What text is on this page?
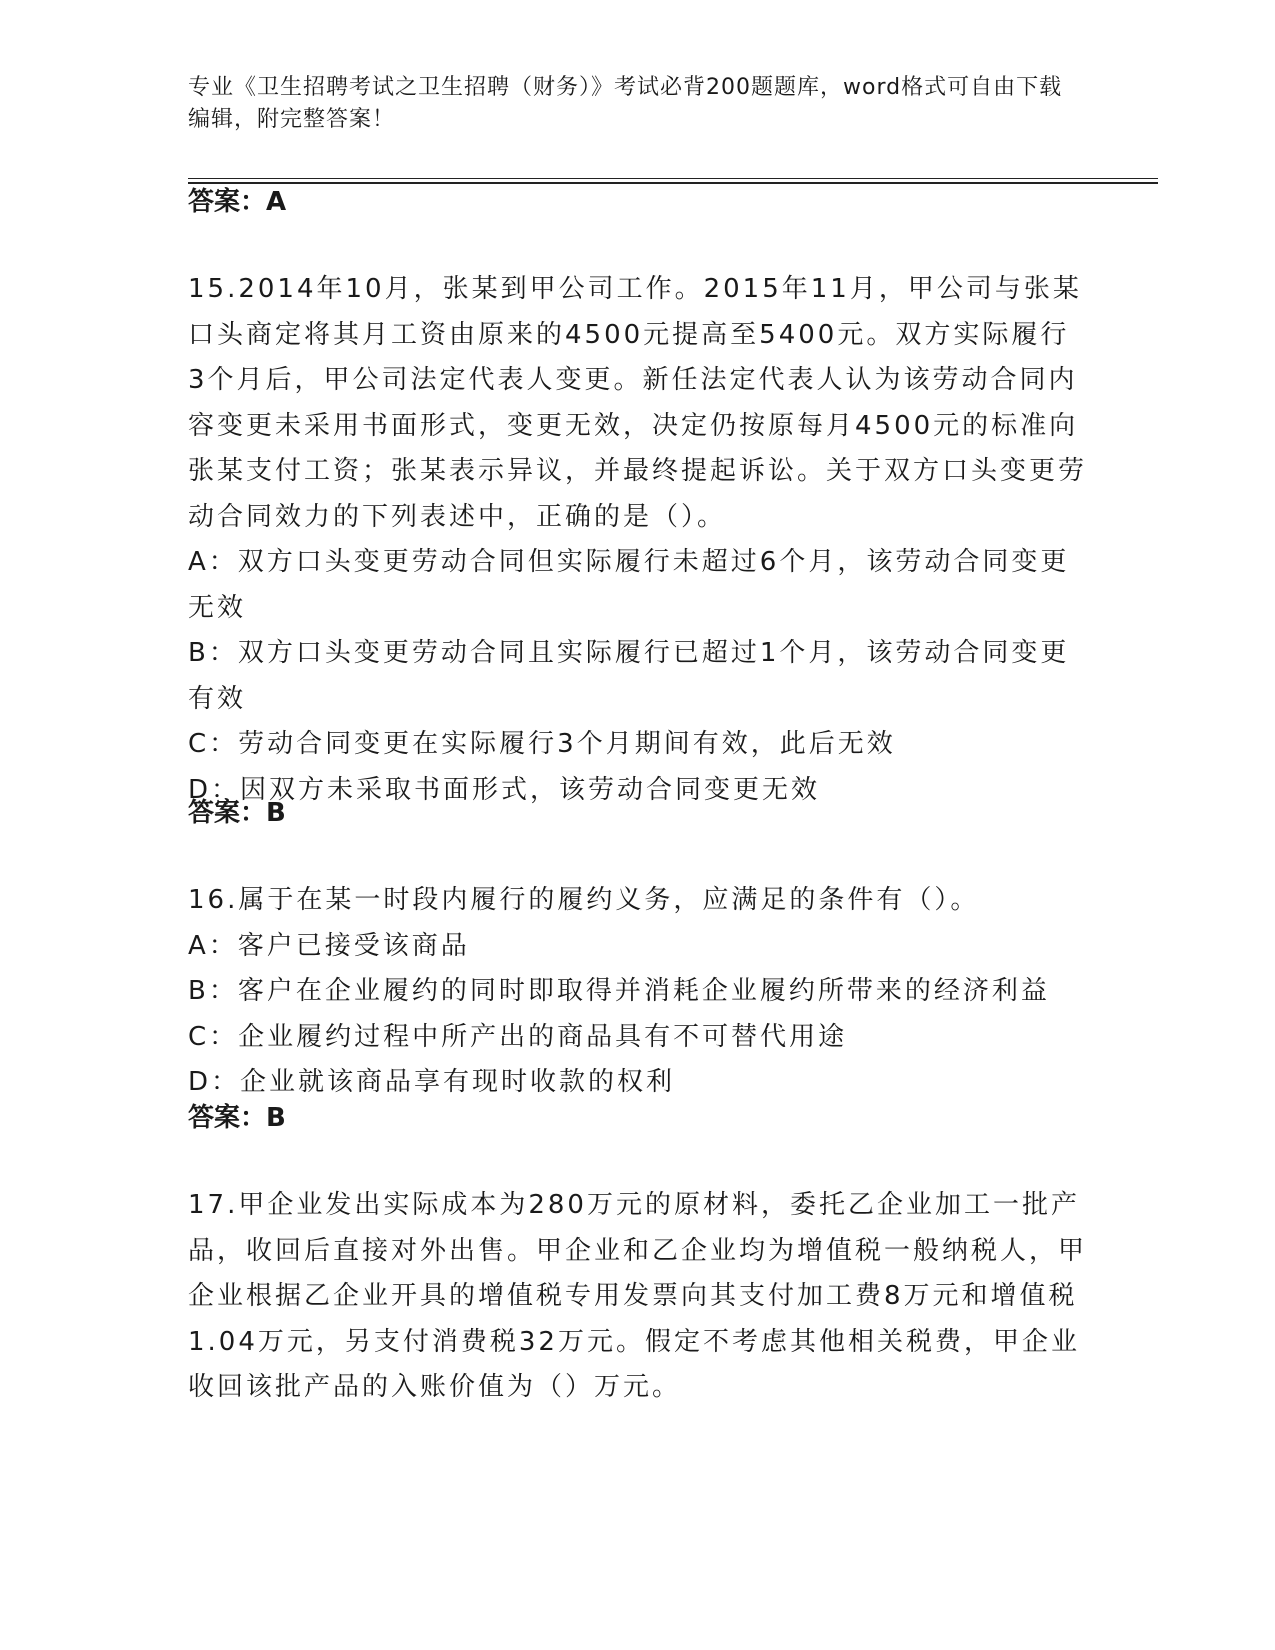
专业《卫生招聘考试之卫生招聘（财务）》考试必背200题题库，word格式可自由下载编辑，附完整答案！
答案：A
15.2014年10月，张某到甲公司工作。2015年11月，甲公司与张某口头商定将其月工资由原来的4500元提高至5400元。双方实际履行3个月后，甲公司法定代表人变更。新任法定代表人认为该劳动合同内容变更未采用书面形式，变更无效，决定仍按原每月4500元的标准向张某支付工资；张某表示异议，并最终提起诉讼。关于双方口头变更劳动合同效力的下列表述中，正确的是（）。
A：双方口头变更劳动合同但实际履行未超过6个月，该劳动合同变更无效
B：双方口头变更劳动合同且实际履行已超过1个月，该劳动合同变更有效
C：劳动合同变更在实际履行3个月期间有效，此后无效
D：因双方未采取书面形式，该劳动合同变更无效
答案：B
16.属于在某一时段内履行的履约义务，应满足的条件有（）。
A：客户已接受该商品
B：客户在企业履约的同时即取得并消耗企业履约所带来的经济利益
C：企业履约过程中所产出的商品具有不可替代用途
D：企业就该商品享有现时收款的权利
答案：B
17.甲企业发出实际成本为280万元的原材料，委托乙企业加工一批产品，收回后直接对外出售。甲企业和乙企业均为增值税一般纳税人，甲企业根据乙企业开具的增值税专用发票向其支付加工费8万元和增值税1.04万元，另支付消费税32万元。假定不考虑其他相关税费，甲企业收回该批产品的入账价值为（）万元。
